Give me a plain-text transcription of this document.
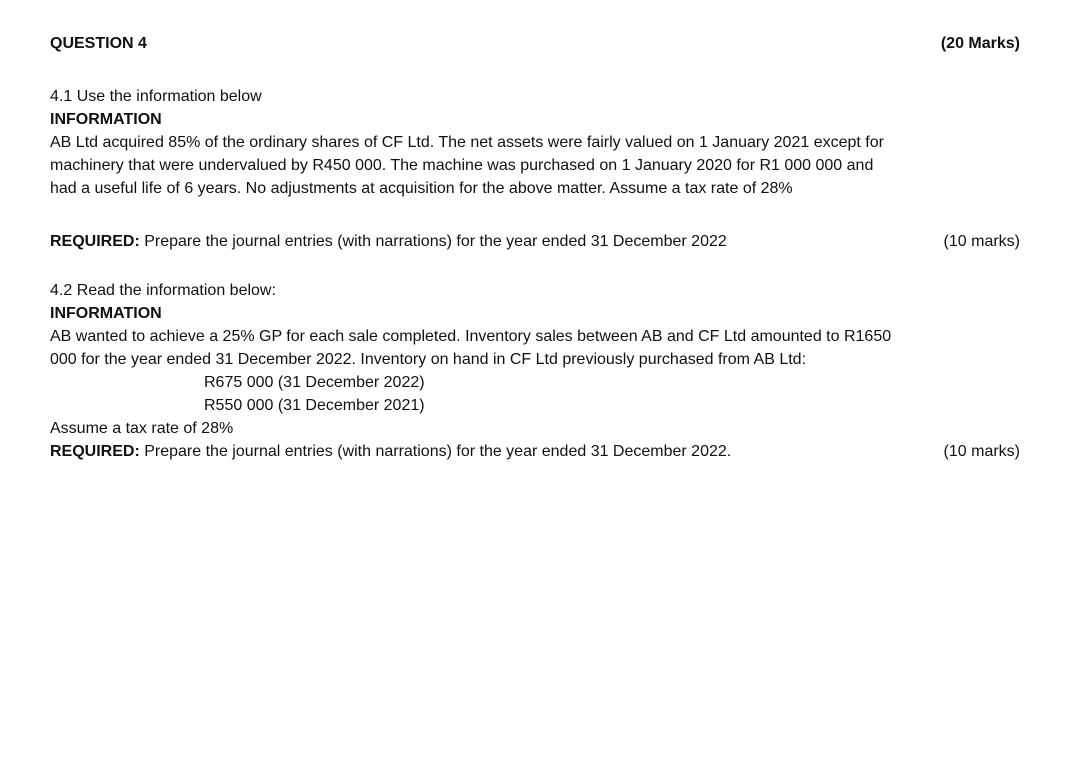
QUESTION 4	(20 Marks)
4.1 Use the information below
INFORMATION
AB Ltd acquired 85% of the ordinary shares of CF Ltd. The net assets were fairly valued on 1 January 2021 except for
machinery that were undervalued by R450 000. The machine was purchased on 1 January 2020 for R1 000 000 and
had a useful life of 6 years. No adjustments at acquisition for the above matter. Assume a tax rate of 28%
REQUIRED: Prepare the journal entries (with narrations) for the year ended 31 December 2022	(10 marks)
4.2 Read the information below:
INFORMATION
AB wanted to achieve a 25% GP for each sale completed. Inventory sales between AB and CF Ltd amounted to R1650
000 for the year ended 31 December 2022. Inventory on hand in CF Ltd previously purchased from AB Ltd:
R675 000 (31 December 2022)
R550 000 (31 December 2021)
Assume a tax rate of 28%
REQUIRED: Prepare the journal entries (with narrations) for the year ended 31 December 2022.	(10 marks)
